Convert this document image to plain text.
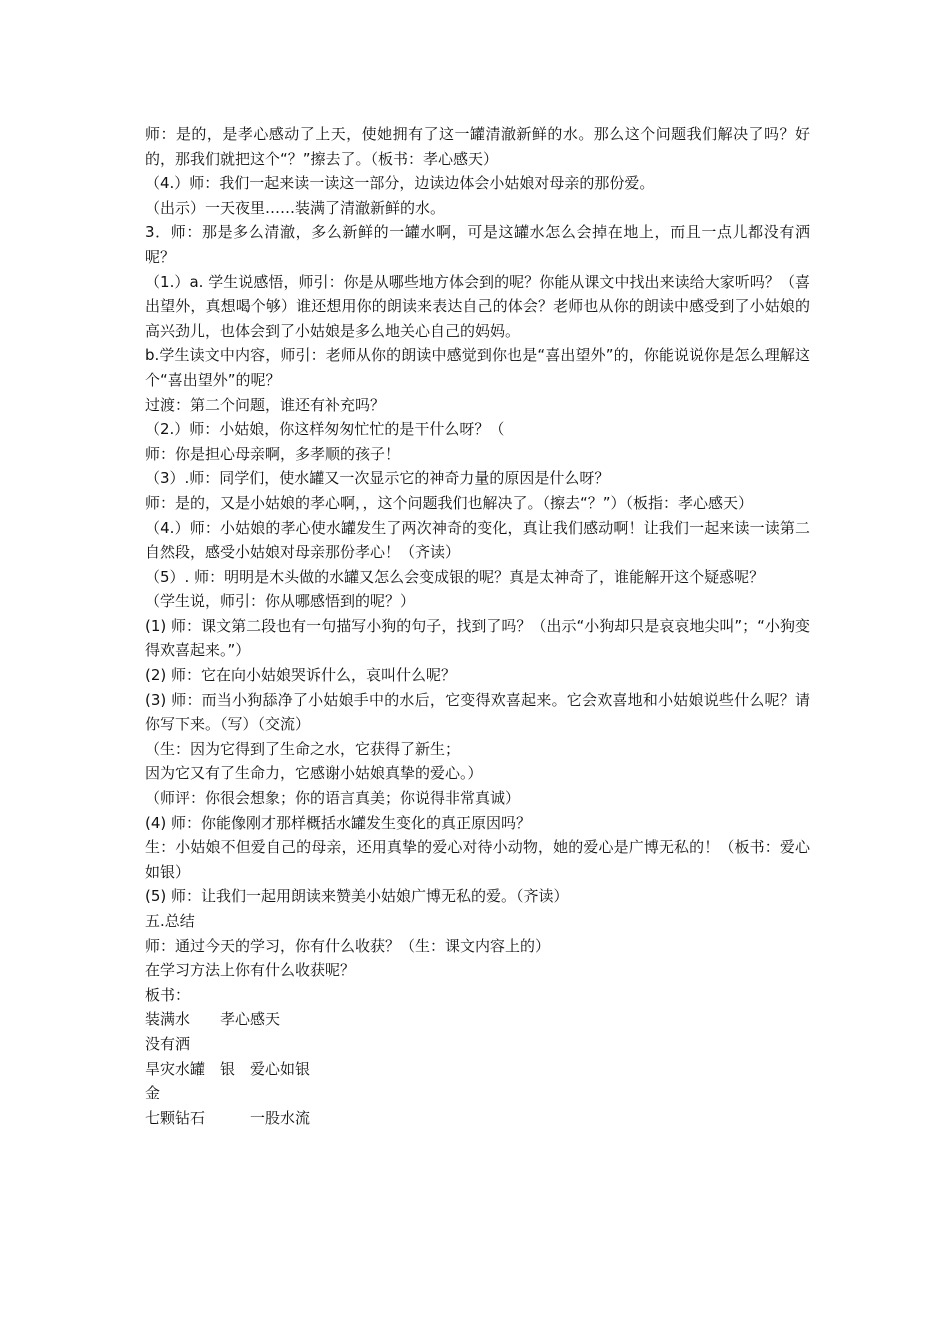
师：是的，是孝心感动了上天，使她拥有了这一罐清澈新鲜的水。那么这个问题我们解决了吗？好的，那我们就把这个“？”擦去了。（板书：孝心感天）

（4.）师：我们一起来读一读这一部分，边读边体会小姑娘对母亲的那份爱。

（出示）一天夜里……装满了清澈新鲜的水。

3．师：那是多么清澈，多么新鲜的一罐水啊，可是这罐水怎么会掉在地上，而且一点儿都没有洒呢？

（1.）a. 学生说感悟，师引：你是从哪些地方体会到的呢？你能从课文中找出来读给大家听吗？（喜出望外，真想喝个够）谁还想用你的朗读来表达自己的体会？老师也从你的朗读中感受到了小姑娘的高兴劲儿，也体会到了小姑娘是多么地关心自己的妈妈。

b.学生读文中内容，师引：老师从你的朗读中感觉到你也是“喜出望外”的，你能说说你是怎么理解这个“喜出望外”的呢？

过渡：第二个问题，谁还有补充吗？

（2.）师：小姑娘，你这样匆匆忙忙的是干什么呀？（

师：你是担心母亲啊，多孝顺的孩子！

（3）.师：同学们，使水罐又一次显示它的神奇力量的原因是什么呀？

师：是的，又是小姑娘的孝心啊，，这个问题我们也解决了。（擦去“？”）（板指：孝心感天）

（4.）师：小姑娘的孝心使水罐发生了两次神奇的变化，真让我们感动啊！让我们一起来读一读第二自然段，感受小姑娘对母亲那份孝心！（齐读）

（5）. 师：明明是木头做的水罐又怎么会变成银的呢？真是太神奇了，谁能解开这个疑惑呢？

（学生说，师引：你从哪感悟到的呢？）

(1) 师：课文第二段也有一句描写小狗的句子，找到了吗？（出示“小狗却只是哀哀地尖叫”；“小狗变得欢喜起来。”）

(2) 师：它在向小姑娘哭诉什么，哀叫什么呢？

(3) 师：而当小狗舔净了小姑娘手中的水后，它变得欢喜起来。它会欢喜地和小姑娘说些什么呢？请你写下来。（写）（交流）

（生：因为它得到了生命之水，它获得了新生；

因为它又有了生命力，它感谢小姑娘真挚的爱心。）

（师评：你很会想象；你的语言真美；你说得非常真诚）

(4) 师：你能像刚才那样概括水罐发生变化的真正原因吗？

生：小姑娘不但爱自己的母亲，还用真挚的爱心对待小动物，她的爱心是广博无私的！（板书：爱心如银）

(5) 师：让我们一起用朗读来赞美小姑娘广博无私的爱。（齐读）

五.总结

师：通过今天的学习，你有什么收获？（生：课文内容上的）

在学习方法上你有什么收获呢？

板书：

装满水　　孝心感天

没有洒

旱灾水罐　银　爱心如银

金

七颗钻石　　　一股水流
